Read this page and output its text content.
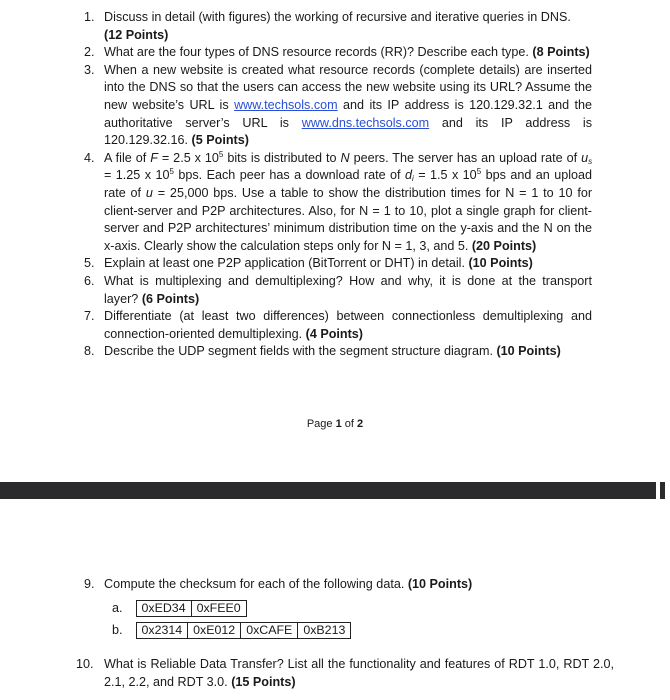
1. Discuss in detail (with figures) the working of recursive and iterative queries in DNS.
(12 Points)
2. What are the four types of DNS resource records (RR)? Describe each type. (8 Points)
3. When a new website is created what resource records (complete details) are inserted into the DNS so that the users can access the new website using its URL? Assume the new website’s URL is www.techsols.com and its IP address is 120.129.32.1 and the authoritative server’s URL is www.dns.techsols.com and its IP address is 120.129.32.16. (5 Points)
4. A file of F = 2.5 x $10^5$ bits is distributed to N peers. The server has an upload rate of $u_s = 1.25$ x $10^5$ bps. Each peer has a download rate of $d_i = 1.5$ x $10^5$ bps and an upload rate of u = 25,000 bps. Use a table to show the distribution times for N = 1 to 10 for client-server and P2P architectures. Also, for N = 1 to 10, plot a single graph for client-server and P2P architectures’ minimum distribution time on the y-axis and the N on the x-axis. Clearly show the calculation steps only for N = 1, 3, and 5. (20 Points)
5. Explain at least one P2P application (BitTorrent or DHT) in detail. (10 Points)
6. What is multiplexing and demultiplexing? How and why, it is done at the transport layer? (6 Points)
7. Differentiate (at least two differences) between connectionless demultiplexing and connection-oriented demultiplexing. (4 Points)
8. Describe the UDP segment fields with the segment structure diagram. (10 Points)
Page 1 of 2
9. Compute the checksum for each of the following data. (10 Points)
a.	0xED34 0xFEE0
b.	0x2314 0xE012 0xCAFE 0xB213
10. What is Reliable Data Transfer? List all the functionality and features of RDT 1.0, RDT 2.0, 2.1, 2.2, and RDT 3.0. (15 Points)
